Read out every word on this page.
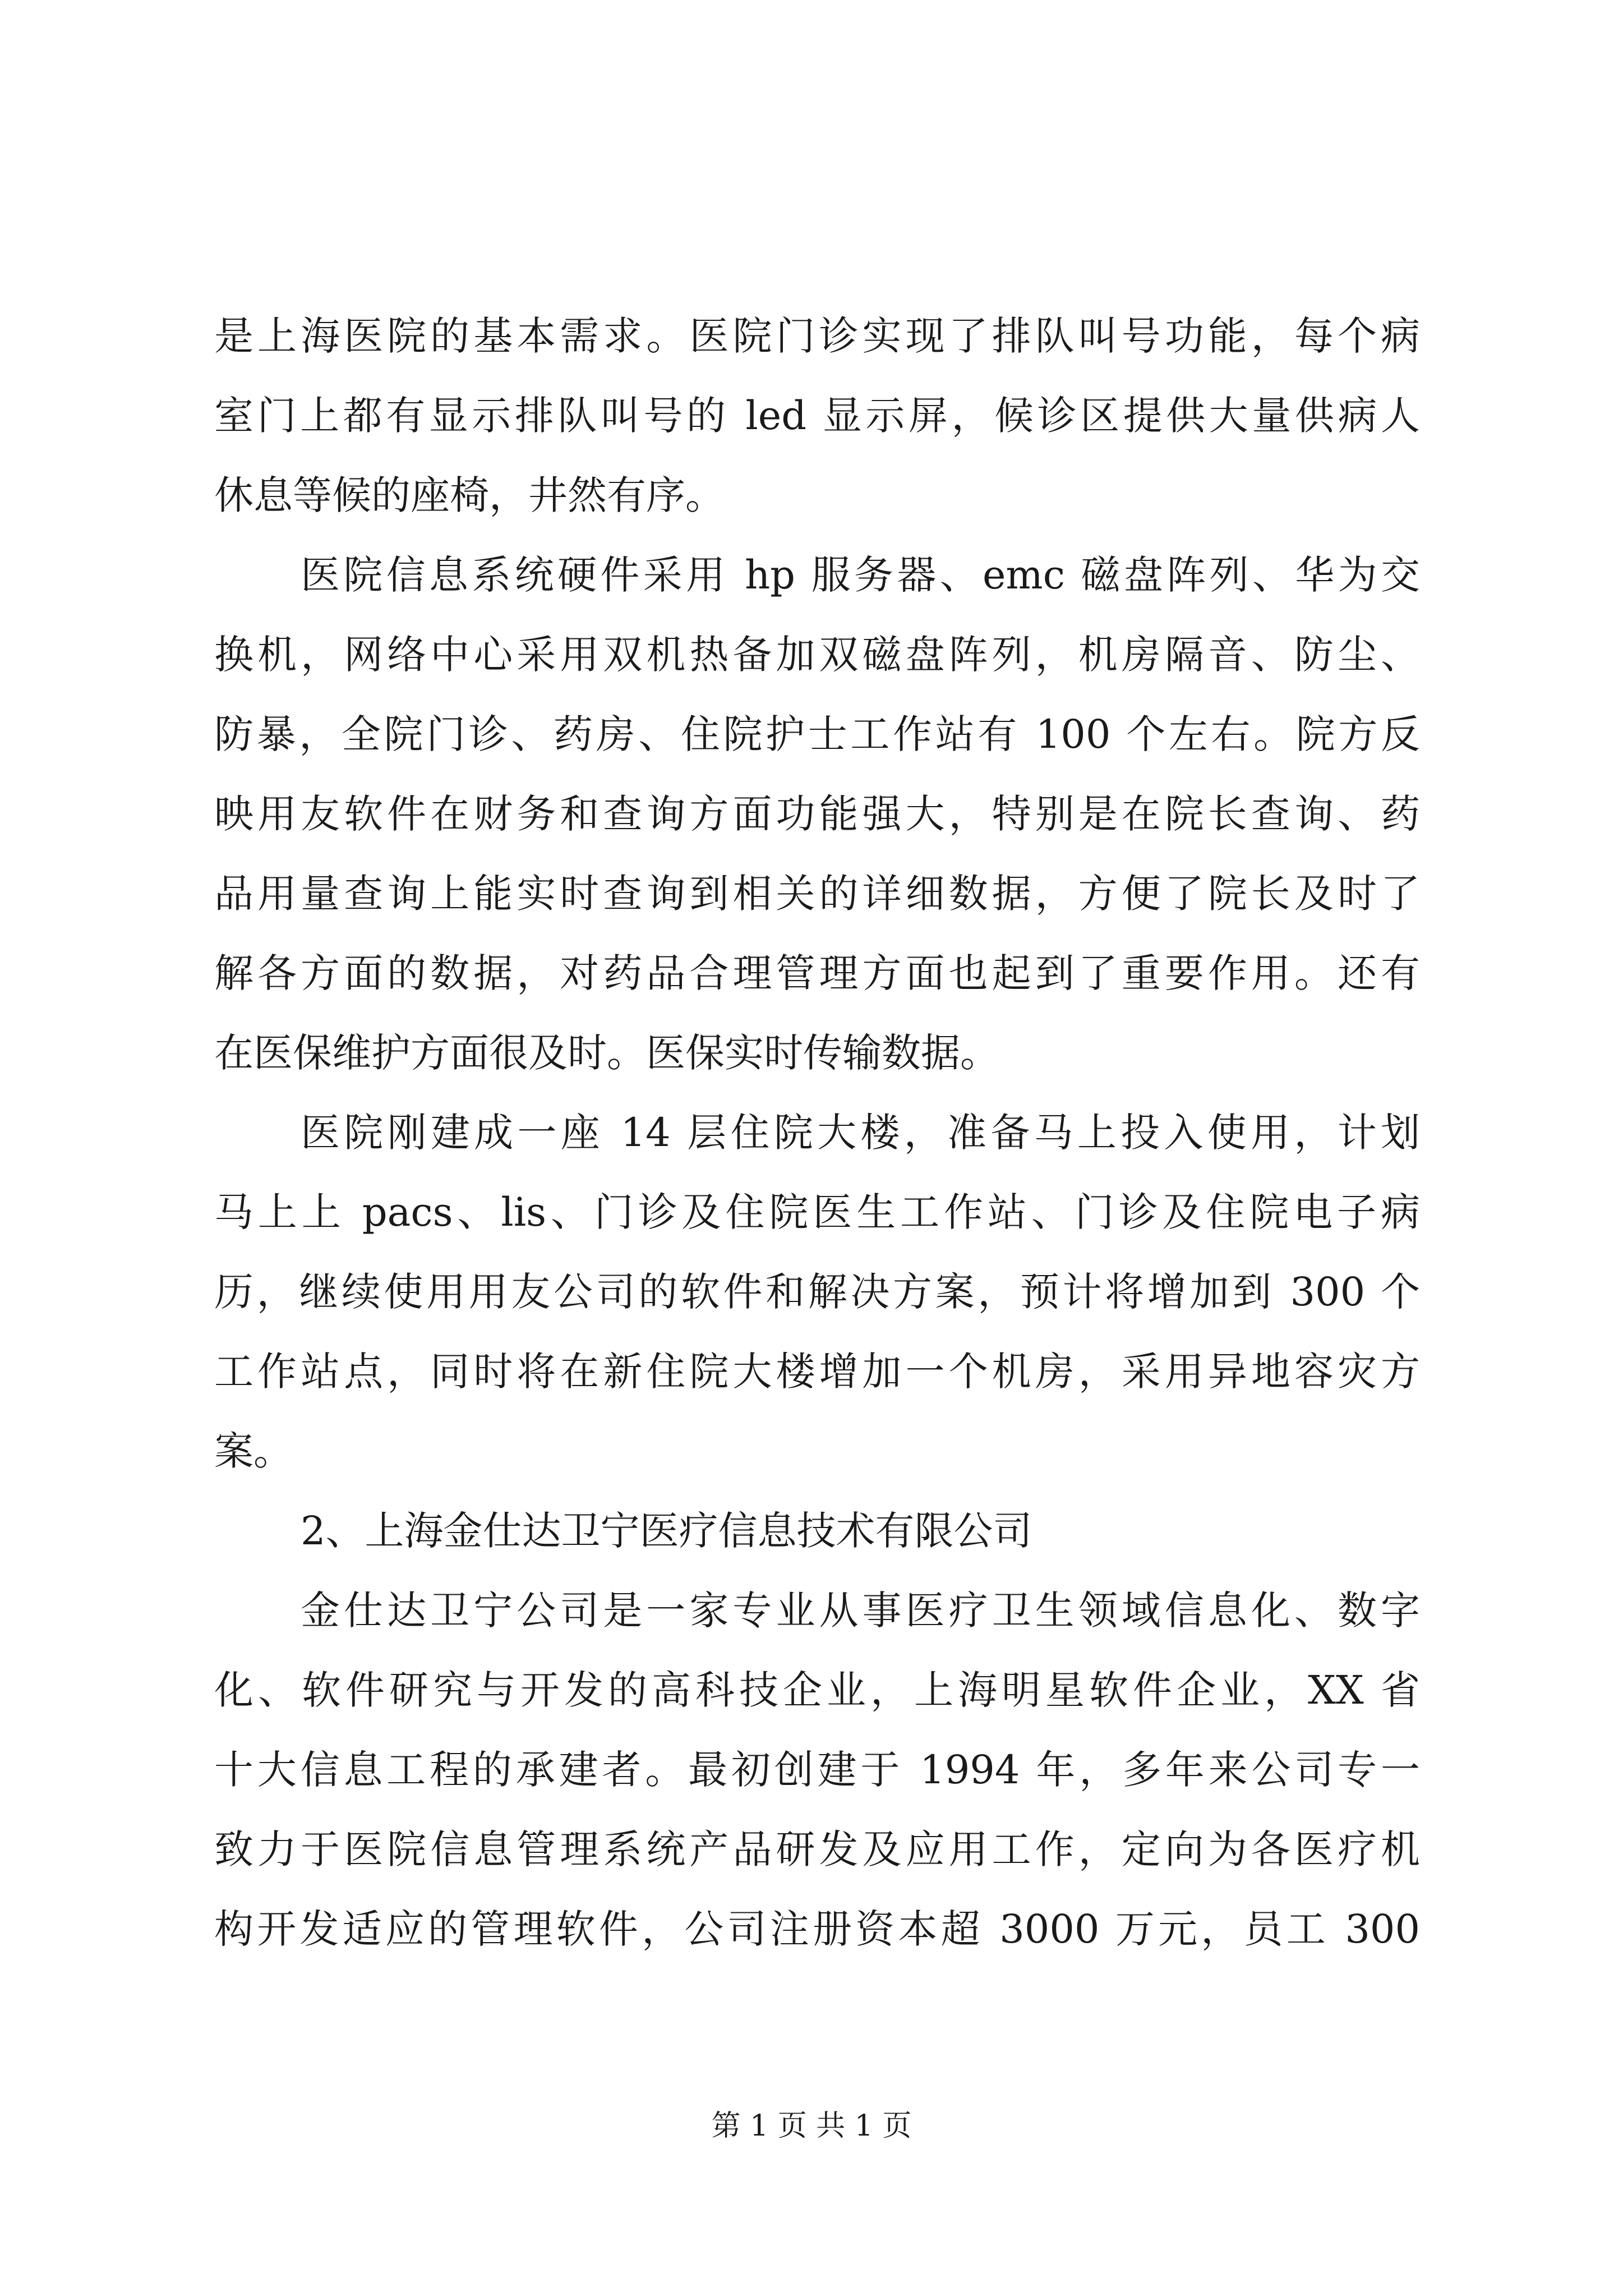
是上海医院的基本需求。医院门诊实现了排队叫号功能，每个病
室门上都有显示排队叫号的 led 显示屏，候诊区提供大量供病人
休息等候的座椅，井然有序。
医院信息系统硬件采用 hp 服务器、emc 磁盘阵列、华为交
换机，网络中心采用双机热备加双磁盘阵列，机房隔音、防尘、
防暴，全院门诊、药房、住院护士工作站有 100 个左右。院方反
映用友软件在财务和查询方面功能强大，特别是在院长查询、药
品用量查询上能实时查询到相关的详细数据，方便了院长及时了
解各方面的数据，对药品合理管理方面也起到了重要作用。还有
在医保维护方面很及时。医保实时传输数据。
医院刚建成一座 14 层住院大楼，准备马上投入使用，计划
马上上 pacs、lis、门诊及住院医生工作站、门诊及住院电子病
历，继续使用用友公司的软件和解决方案，预计将增加到 300 个
工作站点，同时将在新住院大楼增加一个机房，采用异地容灾方
案。
2、上海金仕达卫宁医疗信息技术有限公司
金仕达卫宁公司是一家专业从事医疗卫生领域信息化、数字
化、软件研究与开发的高科技企业，上海明星软件企业，XX 省
十大信息工程的承建者。最初创建于 1994 年，多年来公司专一
致力于医院信息管理系统产品研发及应用工作，定向为各医疗机
构开发适应的管理软件，公司注册资本超 3000 万元，员工 300
第 1 页 共 1 页
